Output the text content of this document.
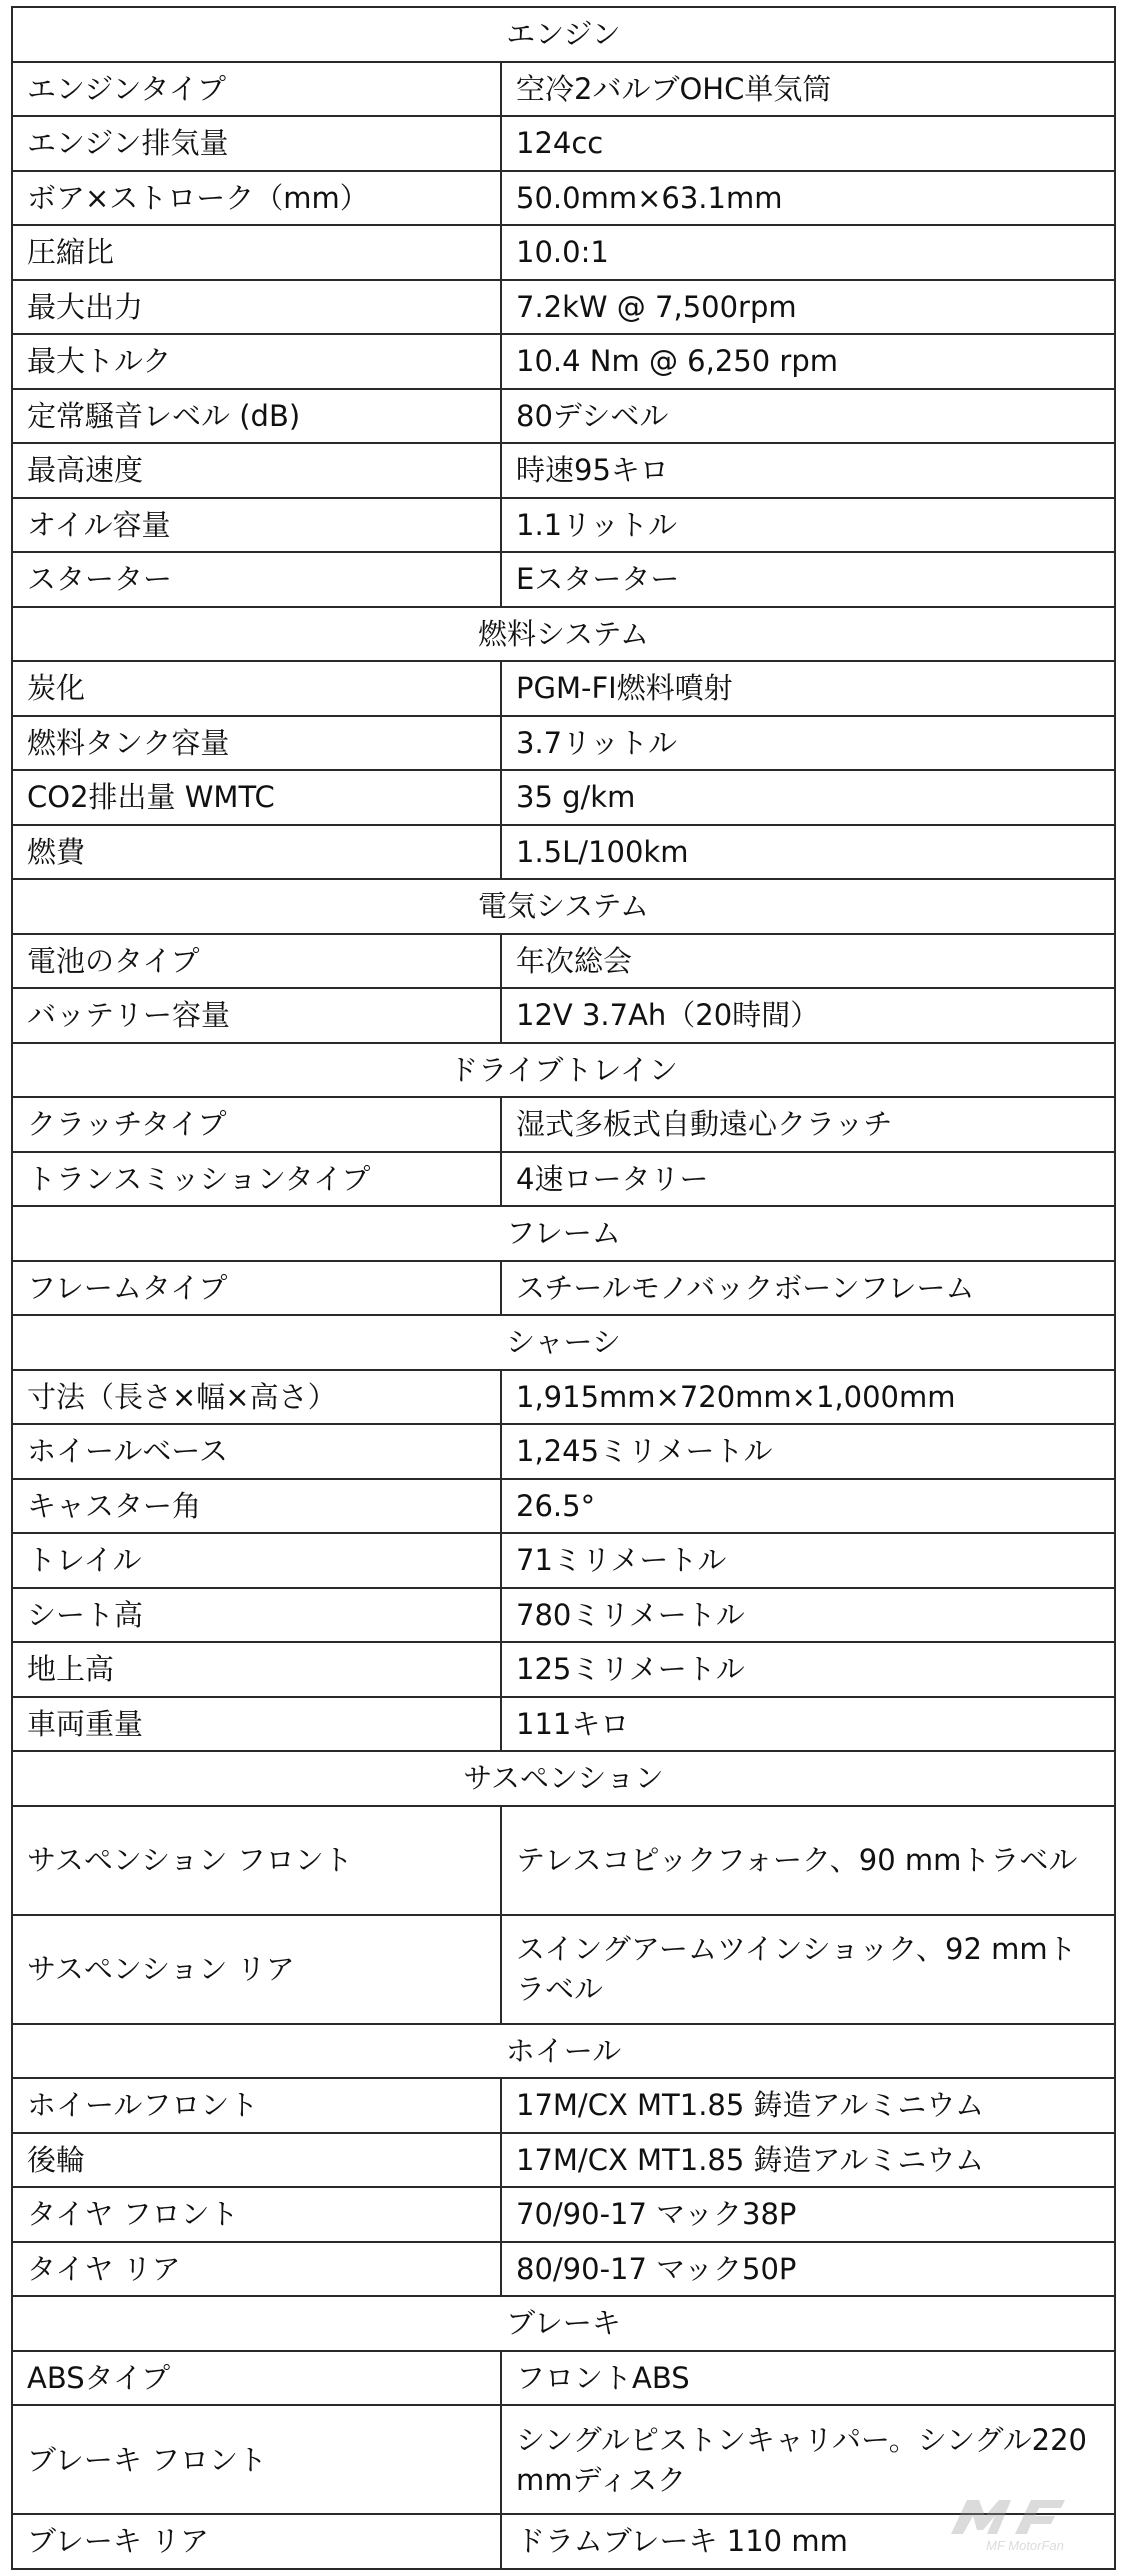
エンジン	
エンジンタイプ	空冷2バルブOHC単気筒
エンジン排気量	124cc
ボア×ストローク（mm）	50.0mm×63.1mm
圧縮比	10.0:1
最大出力	7.2kW @ 7,500rpm
最大トルク	10.4 Nm @ 6,250 rpm
定常騒音レベル (dB)	80デシベル
最高速度	時速95キロ
オイル容量	1.1リットル
スターター	Eスターター
燃料システム	
炭化	PGM-FI燃料噴射
燃料タンク容量	3.7リットル
CO2排出量 WMTC	35 g/km
燃費	1.5L/100km
電気システム	
電池のタイプ	年次総会
バッテリー容量	12V 3.7Ah（20時間）
ドライブトレイン	
クラッチタイプ	湿式多板式自動遠心クラッチ
トランスミッションタイプ	4速ロータリー
フレーム	
フレームタイプ	スチールモノバックボーンフレーム
シャーシ	
寸法（長さ×幅×高さ）	1,915mm×720mm×1,000mm
ホイールベース	1,245ミリメートル
キャスター角	26.5°
トレイル	71ミリメートル
シート高	780ミリメートル
地上高	125ミリメートル
車両重量	111キロ
サスペンション	
サスペンション フロント	テレスコピックフォーク、90 mmトラベル
サスペンション リア	スイングアームツインショック、92 mmトラベル
ホイール	
ホイールフロント	17M/CX MT1.85 鋳造アルミニウム
後輪	17M/CX MT1.85 鋳造アルミニウム
タイヤ フロント	70/90-17 マック38P
タイヤ リア	80/90-17 マック50P
ブレーキ	
ABSタイプ	フロントABS
ブレーキ フロント	シングルピストンキャリパー。シングル220 mmディスク
ブレーキ リア	ドラムブレーキ 110 mm	MF MotorFan
